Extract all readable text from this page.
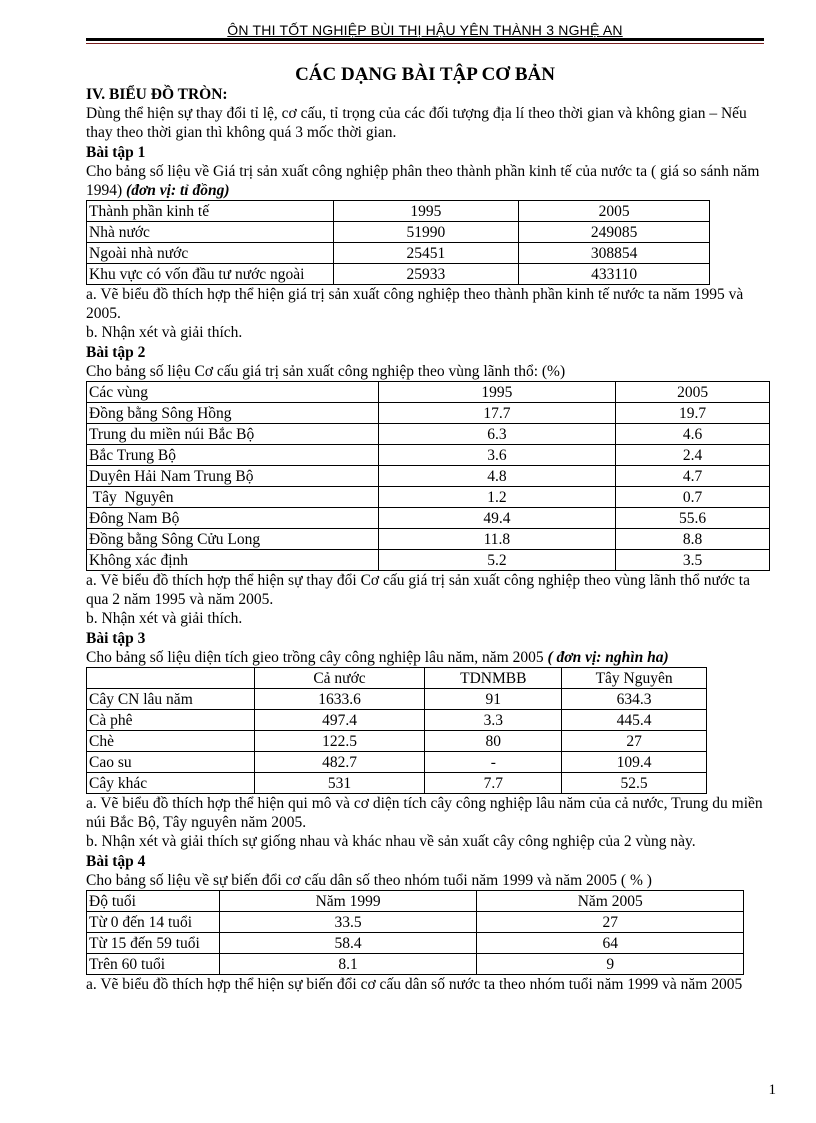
ÔN THI TỐT NGHIỆP BÙI THỊ HẬU YÊN THÀNH 3 NGHỆ AN
CÁC DẠNG BÀI TẬP CƠ BẢN

IV. BIỂU ĐỒ TRÒN:

Dùng thể hiện sự thay đổi tỉ lệ, cơ cấu, tỉ trọng của các đối tượng địa lí theo thời gian và không gian – Nếu thay theo thời gian thì không quá 3 mốc thời gian.

Bài tập 1

Cho bảng số liệu về Giá trị sản xuất công nghiệp phân theo thành phần kinh tế của nước ta ( giá so sánh năm 1994) (đơn vị: tỉ đồng)

Thành phần kinh tế	1995	2005
Nhà nước	51990	249085
Ngoài nhà nước	25451	308854
Khu vực có vốn đầu tư nước ngoài	25933	433110

a. Vẽ biểu đồ thích hợp thể hiện giá trị sản xuất công nghiệp theo thành phần kinh tế nước ta năm 1995 và 2005.

b. Nhận xét và giải thích.

Bài tập 2

Cho bảng số liệu Cơ cấu giá trị sản xuất công nghiệp theo vùng lãnh thổ: (%)

Các vùng	1995	2005
Đồng bằng Sông Hồng	17.7	19.7
Trung du miền núi Bắc Bộ	6.3	4.6
Bắc Trung Bộ	3.6	2.4
Duyên Hải Nam Trung Bộ	4.8	4.7
Tây  Nguyên	1.2	0.7
Đông Nam Bộ	49.4	55.6
Đồng bằng Sông Cửu Long	11.8	8.8
Không xác định	5.2	3.5

a. Vẽ biểu đồ thích hợp thể hiện sự thay đổi Cơ cấu giá trị sản xuất công nghiệp theo vùng lãnh thổ nước ta qua 2 năm 1995 và năm 2005.

b. Nhận xét và giải thích.

Bài tập 3

Cho bảng số liệu diện tích gieo trồng cây công nghiệp lâu năm, năm 2005 ( đơn vị: nghìn ha)

	Cả nước	TDNMBB	Tây Nguyên
Cây CN lâu năm	1633.6	91	634.3
Cà phê	497.4	3.3	445.4
Chè	122.5	80	27
Cao su	482.7	-	109.4
Cây khác	531	7.7	52.5

a. Vẽ biểu đồ thích hợp thể hiện qui mô và cơ diện tích cây công nghiệp lâu năm của cả nước, Trung du miền núi Bắc Bộ, Tây nguyên năm 2005.

b. Nhận xét và giải thích sự giống nhau và khác nhau về sản xuất cây công nghiệp của 2 vùng này.

Bài tập 4

Cho bảng số liệu về sự biến đổi cơ cấu dân số theo nhóm tuổi năm 1999 và năm 2005 ( % )

Độ tuổi	Năm 1999	Năm 2005
Từ 0 đến 14 tuổi	33.5	27
Từ 15 đến 59 tuổi	58.4	64
Trên 60 tuổi	8.1	9

a. Vẽ biểu đồ thích hợp thể hiện sự biến đổi cơ cấu dân số nước ta theo nhóm tuổi năm 1999 và năm 2005

1
